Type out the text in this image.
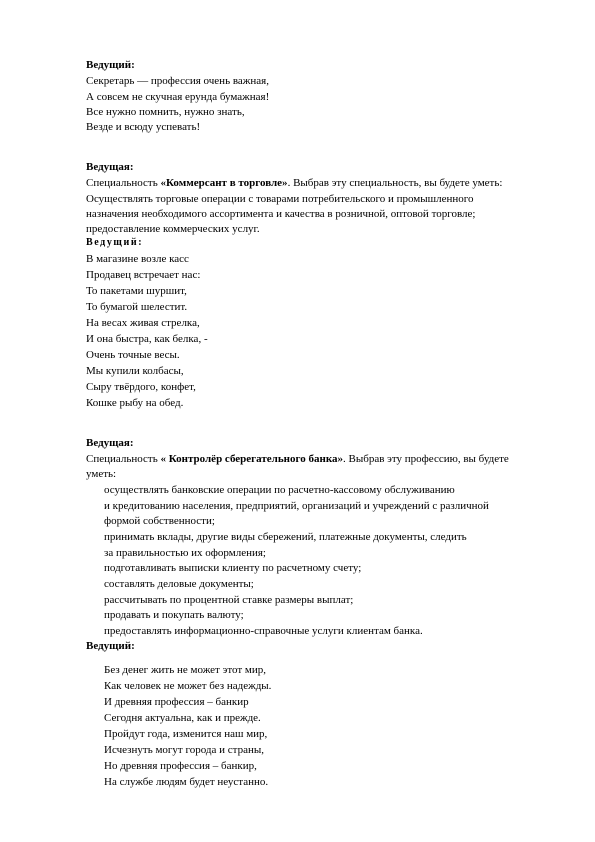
Ведущий:
Секретарь — профессия очень важная,
А совсем не скучная ерунда бумажная!
Все нужно помнить, нужно знать,
Везде и всюду успевать!
Ведущая:
Специальность «Коммерсант в торговле». Выбрав эту специальность, вы будете уметь:
Осуществлять торговые операции с товарами потребительского и промышленного
назначения необходимого ассортимента и качества в розничной, оптовой торговле;
предоставление коммерческих услуг.
Ведущий:
В магазине возле касс
Продавец встречает нас:
То пакетами шуршит,
То бумагой шелестит.
На весах живая стрелка,
И она быстра, как белка, -
Очень точные весы.
Мы купили колбасы,
Сыру твёрдого, конфет,
Кошке рыбу на обед.
Ведущая:
Специальность « Контролёр сберегательного банка». Выбрав эту профессию, вы будете
уметь:
осуществлять банковские операции по расчетно-кассовому обслуживанию
и кредитованию населения, предприятий, организаций и учреждений с различной
формой собственности;
принимать вклады, другие виды сбережений, платежные документы, следить
за правильностью их оформления;
подготавливать выписки клиенту по расчетному счету;
составлять деловые документы;
рассчитывать по процентной ставке размеры выплат;
продавать и покупать валюту;
предоставлять информационно-справочные услуги клиентам банка.
Ведущий:
Без денег жить не может этот мир,
Как человек не может без надежды.
И древняя профессия – банкир
Сегодня актуальна, как и прежде.
Пройдут года, изменится наш мир,
Исчезнуть могут города и страны,
Но древняя профессия – банкир,
На службе людям будет неустанно.
